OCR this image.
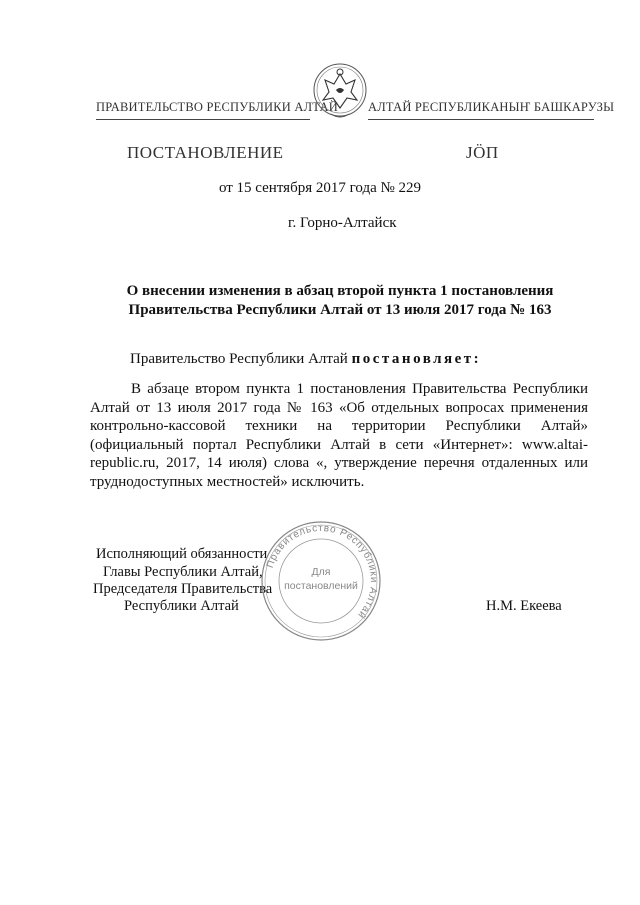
ПРАВИТЕЛЬСТВО РЕСПУБЛИКИ АЛТАЙ АЛТАЙ РЕСПУБЛИКАНЫҤ БАШКАРУЗЫ
ПОСТАНОВЛЕНИЕ	ЈÖП
от 15 сентября 2017 года № 229
г. Горно-Алтайск
О внесении изменения в абзац второй пункта 1 постановления
Правительства Республики Алтай от 13 июля 2017 года № 163
Правительство Республики Алтай постановляет:
В абзаце втором пункта 1 постановления Правительства Республики Алтай от 13 июля 2017 года № 163 «Об отдельных вопросах применения контрольно-кассовой техники на территории Республики Алтай» (официальный портал Республики Алтай в сети «Интернет»: www.altai-republic.ru, 2017, 14 июля) слова «, утверждение перечня отдаленных или труднодоступных местностей» исключить.
Исполняющий обязанности
Главы Республики Алтай,
Председателя Правительства
Республики Алтай
Правительство Республики Алтай
Для
постановлений
Н.М. Екеева
